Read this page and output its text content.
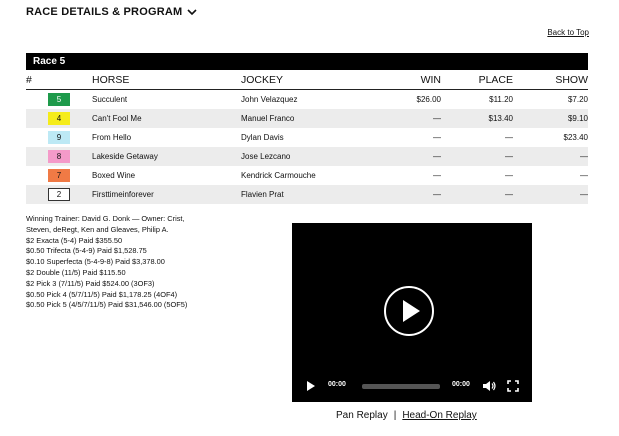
RACE DETAILS & PROGRAM
Back to Top
Race 5
#	HORSE	JOCKEY	WIN	PLACE	SHOW
5	Succulent	John Velazquez	$26.00	$11.20	$7.20
4	Can't Fool Me	Manuel Franco	—	$13.40	$9.10
9	From Hello	Dylan Davis	—	—	$23.40
8	Lakeside Getaway	Jose Lezcano	—	—	—
7	Boxed Wine	Kendrick Carmouche	—	—	—
2	Firsttimeinforever	Flavien Prat	—	—	—
Winning Trainer: David G. Donk — Owner: Crist,
Steven, deRegt, Ken and Gleaves, Philip A.
$2 Exacta (5-4) Paid $355.50
$0.50 Trifecta (5-4-9) Paid $1,528.75
$0.10 Superfecta (5-4-9-8) Paid $3,378.00
$2 Double (11/5) Paid $115.50
$2 Pick 3 (7/11/5) Paid $524.00 (3OF3)
$0.50 Pick 4 (5/7/11/5) Paid $1,178.25 (4OF4)
$0.50 Pick 5 (4/5/7/11/5) Paid $31,546.00 (5OF5)
00:00	00:00
Pan Replay | Head-On Replay
